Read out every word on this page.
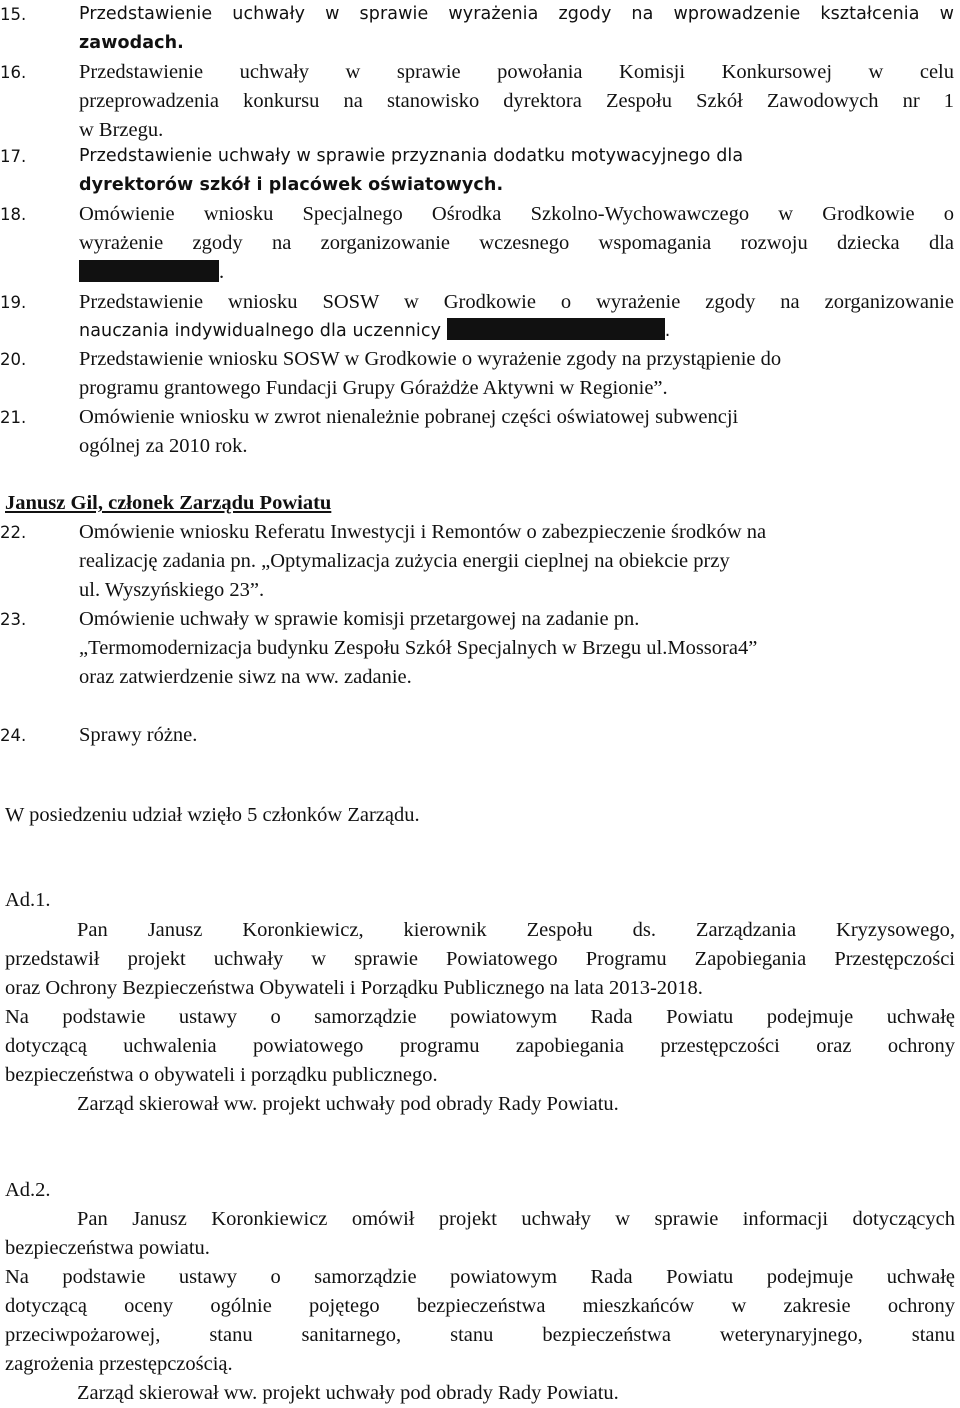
15.	Przedstawienie uchwały w sprawie wyrażenia zgody na wprowadzenie kształcenia w
zawodach.
16.	Przedstawienie uchwały w sprawie powołania Komisji Konkursowej w celu
przeprowadzenia konkursu na stanowisko dyrektora Zespołu Szkół Zawodowych nr 1
w Brzegu.
17.	Przedstawienie uchwały w sprawie przyznania dodatku motywacyjnego dla
dyrektorów szkół i placówek oświatowych.
18.	Omówienie wniosku Specjalnego Ośrodka Szkolno-Wychowawczego w Grodkowie o
wyrażenie zgody na zorganizowanie wczesnego wspomagania rozwoju dziecka dla
.
19.	Przedstawienie wniosku SOSW w Grodkowie o wyrażenie zgody na zorganizowanie
nauczania indywidualnego dla uczennicy	.
20.	Przedstawienie wniosku SOSW w Grodkowie o wyrażenie zgody na przystąpienie do
programu grantowego Fundacji Grupy Górażdże Aktywni w Regionie”.
21.	Omówienie wniosku w zwrot nienależnie pobranej części oświatowej subwencji
ogólnej za 2010 rok.
Janusz Gil, członek Zarządu Powiatu
22.	Omówienie wniosku Referatu Inwestycji i Remontów o zabezpieczenie środków na
realizację zadania pn. „Optymalizacja zużycia energii cieplnej na obiekcie przy
ul. Wyszyńskiego 23”.
23.	Omówienie uchwały w sprawie komisji przetargowej na zadanie pn.
„Termomodernizacja budynku Zespołu Szkół Specjalnych w Brzegu ul.Mossora4”
oraz zatwierdzenie siwz na ww. zadanie.
24.	Sprawy różne.
W posiedzeniu udział wzięło 5 członków Zarządu.
Ad.1.
Pan Janusz Koronkiewicz, kierownik Zespołu ds. Zarządzania Kryzysowego,
przedstawił projekt uchwały w sprawie Powiatowego Programu Zapobiegania Przestępczości
oraz Ochrony Bezpieczeństwa Obywateli i Porządku Publicznego na lata 2013-2018.
Na podstawie ustawy o samorządzie powiatowym Rada Powiatu podejmuje uchwałę
dotyczącą uchwalenia powiatowego programu zapobiegania przestępczości oraz ochrony
bezpieczeństwa o obywateli i porządku publicznego.
Zarząd skierował ww. projekt uchwały pod obrady Rady Powiatu.
Ad.2.
Pan Janusz Koronkiewicz omówił projekt uchwały w sprawie informacji dotyczących
bezpieczeństwa powiatu.
Na podstawie ustawy o samorządzie powiatowym Rada Powiatu podejmuje uchwałę
dotyczącą oceny ogólnie pojętego bezpieczeństwa mieszkańców w zakresie ochrony
przeciwpożarowej, stanu sanitarnego, stanu bezpieczeństwa weterynaryjnego, stanu
zagrożenia przestępczością.
Zarząd skierował ww. projekt uchwały pod obrady Rady Powiatu.
